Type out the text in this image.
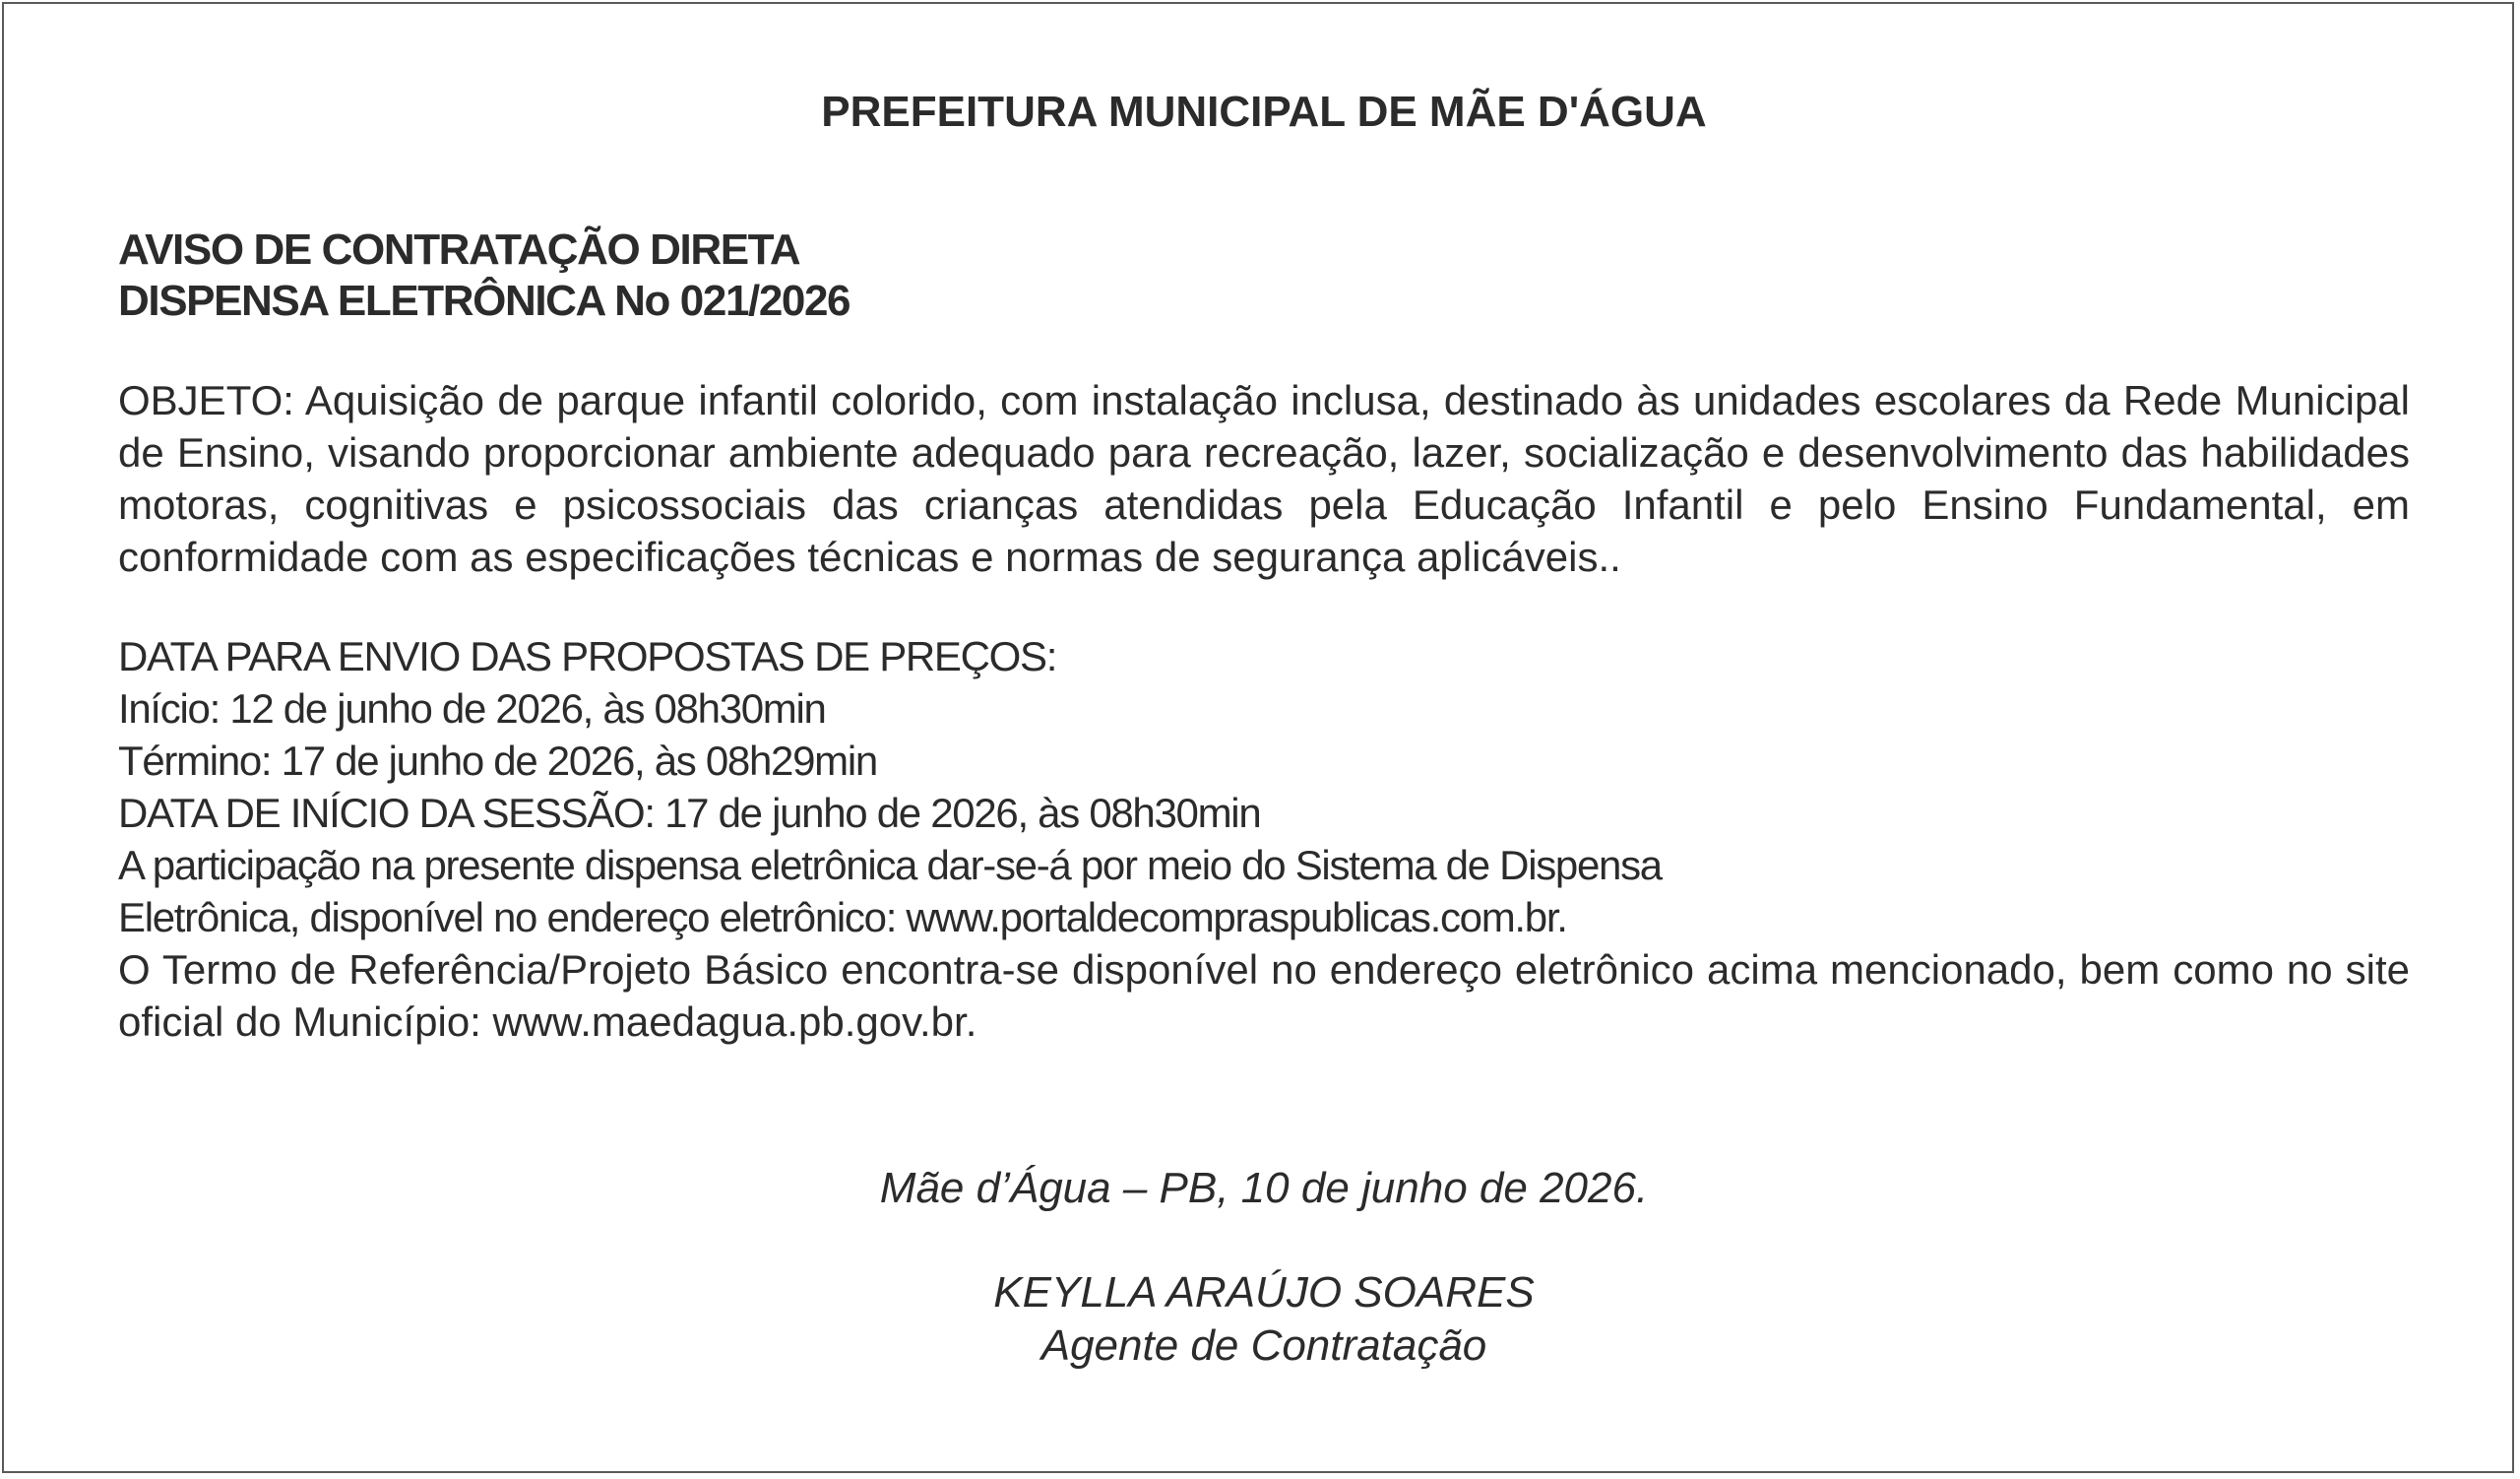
PREFEITURA MUNICIPAL DE MÃE D'ÁGUA
AVISO DE CONTRATAÇÃO DIRETA
DISPENSA ELETRÔNICA No 021/2026
OBJETO: Aquisição de parque infantil colorido, com instalação inclusa, destinado às unidades escolares da Rede Municipal de Ensino, visando proporcionar ambiente adequado para recreação, lazer, socialização e desenvolvimento das habilidades motoras, cognitivas e psicossociais das crianças atendidas pela Educação Infantil e pelo Ensino Fundamental, em conformidade com as especificações técnicas e normas de segurança aplicáveis..
DATA PARA ENVIO DAS PROPOSTAS DE PREÇOS:
Início: 12 de junho de 2026, às 08h30min
Término: 17 de junho de 2026, às 08h29min
DATA DE INÍCIO DA SESSÃO: 17 de junho de 2026, às 08h30min
A participação na presente dispensa eletrônica dar-se-á por meio do Sistema de Dispensa
Eletrônica, disponível no endereço eletrônico: www.portaldecompraspublicas.com.br.
O Termo de Referência/Projeto Básico encontra-se disponível no endereço eletrônico acima mencionado, bem como no site oficial do Município: www.maedagua.pb.gov.br.
Mãe d’Água – PB, 10 de junho de 2026.
KEYLLA ARAÚJO SOARES
Agente de Contratação
